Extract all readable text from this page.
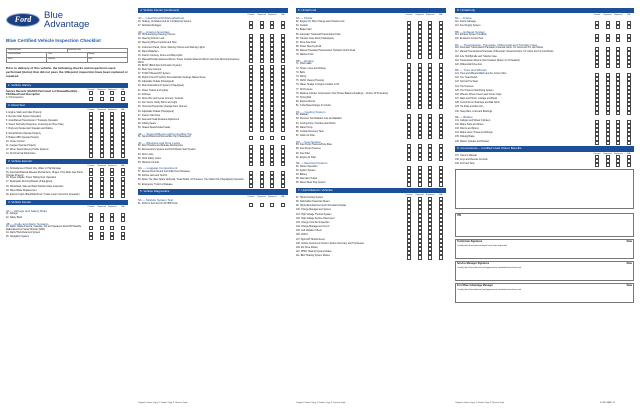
Ford Blue
Advantage
Blue Certified Vehicle Inspection Checklist
Dealership Name	Dealership Code
Year/Make/Model	Color	Mileage
Stock #	Inspector	Date
Prior to delivery of this vehicle, the following checks and inspections were performed (items) that did not pass the 139-point inspection have been replaced or repaired.
1. Vehicle History
Passed	Repaired	Replaced	N/A
Service Records (OA/OO) Performed Lot Review/Recall(s) – FSA/Recall and Description
2. VIN inspection
2. Road Test
Passed	Repaired	Replaced	N/A
3. Engine Starts and Idles Properly
4. Remote Start System Operation
5. Auto/Manual Transmission / Transaxle Operation
6. Steers Normally (Response, Centering and Free Play)
7. Body and Suspension Squeaks and Rattles
8. Struts/Shocks Operate Properly
9. Brakes ABS Operate Properly
10. Cruise Control
11. Gauges Operate Properly
12. Driver Select Memory Profile Systems
13. No Abnormal Wind Noise
3. Vehicle Exterior
Passed	Repaired	Replaced	N/A
14. No Evidence of Flood, Fire, Water or Hail Damage
15. Automatic/Manual Release Mechanisms, Hinges, Prop Rods Gas Struts Operate Properly
16. Power Liftgate, Power Sliding Door Operation
17. Deployable Running Boards (If Equipped)
18. Windshield, Side and Rear Window Glass Inspection
19. Wiper Blade Replacement
20. Exterior Lights (Back/Side/Front / Trailer Lamp Connector Operation)
4. Vehicle Interior
Passed	Repaired	Replaced	N/A
4A — Airbags and Safety Belts
21. Airbags
22. Safety Belts
4B — Audio and Alarm Systems
23. Radio, Radio Antenna, Cassette, CD and Speakers Sirius/XM Satellite Radio Electronic Serial Number (ESN)
24. Alarm/Theft-Deterrent System
25. Navigation System
4. Vehicle Interior (continued)
Passed	Repaired	Replaced	N/A
4C — Heat/Vent/AC/Defog/Defrost
26. Heating, Ventilation and Air Conditioning System
27. Defroster/Defogger
4D — Interior Amenities
28. Tilt/Telescoping Steering Column
29. Steering Column Lock
30. Steering Wheel Controls and Horn
31. Instrument Panel, Clock, Warning Chimes and Warning Lights
32. Wipers/Washers
33. Interior Courtesy, Dome and Map Lights
34. Manual/Outside Sideview Mirrors, Power Outside Sideview Mirrors and Auto-Dimming Rearview Mirror
35. BLIS® (Blind Spot Information System)
36. Rear View Camera
37. SYNC® Bluetooth® System
38. MyFord Touch® Vehicle Personalization Settings Master Reset
39. Adjustable Pedals (If Equipped)
40. Rear Entertainment System (If Equipped)
41. Power Outlets and Lighter
42. Ashtrays
43. Glove Box and Center Armrest / Console
44. Sun Visors, Vanity Mirror and Light
45. Universal Transmitter (Garage Door Opener)
46. Adjustable Pedals (If Equipped)
47. Interior Odor-Free
48. Seat and Head Restraint Adjustment
49. Folding Seats
50. Heated Seats/Cooled Seats
4E — Sunroof/Moonroof/Convertible Top
51. Sunroof/Moonroof/Convertible Top (If Equipped)
4F — Windows and Door Locks
52. Door Handles and Release Mechanisms
53. Remote Entry System and Push-Button Start System
54. Door Locks
55. Child Safety Locks
56. Window Controls
4G — Luggage Compartment
57. Remote Deck lid and Fuel-Filler Door Releases
58. Vehicle Jack and Tool Kit
59. Spare Tire (New Spare Optional), Tread Depth, Air Pressure, Tire Inflator Kit (If Equipped) Inspection
60. Emergency Trunk Lid Release
5. Vehicle Diagnostics
Passed	Repaired	Replaced	N/A
5A — Module System Test
61. Perform Self-Test for All OBD Tests
6. Underhood
Passed	Repaired	Replaced	N/A
6A — Fluids
62. Engine Oil, Filter Change and Chassis Lube
63. Coolant
64. Brake Fluid
65. Automatic Transaxle/Transmission Fluid
66. Transfer Case Fluid (If Equipped)
67. Drive Axle Fluid
68. Power Steering Fluid
69. Manual Transaxle/Transmission Hydraulic Clutch Fluid
70. Washer Fluid
6B — Engine
71. Fluid Leaks
72. Hoses, Lines and Fittings
73. Belts
74. Wiring
75. Oil/Air Cleaner Housing
76. Water, Sludge or Engine Coolant in Oil
77. Oil Pressure
78. Relative Cylinder Compression Test (Power Balance Readings – Choice Of Procedure)
79. Timing Belt
80. Engine Mounts
81. Turbo/Supercharger Air Cooler
6C — Cooling System
82. Radiator
83. Pressure Test Radiator Cap and Radiator
84. Cooling Fans, Clutches and Motors
85. Water Pump
86. Coolant Recovery Tank
87. Cabin Air Filter
6D — Fuel System
88. Fuel Pump Pressure/Flow Rate
89. Fuel Pump Pressure
90. Fuel Filter
91. Engine Air Filter
6E — Electrical System
92. Starter Operation
93. Ignition System
94. Battery
95. Alternator Output
96. Diesel Glow Plug System
7. Hybrid/Electric Vehicles
Passed	Repaired	Replaced	N/A
97. Hybrid Cooling System
98. Switchable Powertrain Mount
99. Hybrid Entertainment and Information Display
100. Charge Management System
101. High-Voltage Thermal System
102. High-Voltage Service Disconnect
103. Charge Cord Set Inspection
104. Charge Management Test 2
105. Cell Variation Check
106. DCDC
107. MyFord® Mobile Reset
108. Vehicle Instrument Cluster Lifetime Summary and Trip Resets
109. EV Drive Modes
110. PHEV Heating System Modes
111. BEV Heating System Modes
8. Underbody
Passed	Repaired	Replaced	N/A
8A — Frame
112. Frame Damage
113. Fuel Supply System
8B — Exhaust System
114. Exhaust System Condition
115. Emissions Control Test
8C — Transmission, Transaxle, Differential and Transfer Case
116. Automatic Transmission/Transaxle Universal Joints, CV Joints and CV Joint Boots
117. Manual Transmission/Transaxle, Differential, Universal Joints, CV Joints and CV Joint Boots
118. Axle Hub/Spindle and Transfer Case
119. Transmission Mounts (Not Cracked, Broken or Oil Soaked)
120. Differential Drive Axle
8D — Tires and Wheels
121. Tires and Wheels Match and Are Correct Size
122. Tire Tread Depth
123. Normal Tire Wear
124. Tire Pressure
125. Tire Pressure Monitoring System
126. Wheels, Wheel Covers and Center Caps
127. Rack and Pinion, Linkage and Boots
128. Control Arms, Bushings and Ball Joints
129. Tie Rods and Idler Arm
130. Sway Bars, Links and Bushings
8E — Brakes
131. Calipers and Wheel Cylinders
132. Brake Pads and Shoes
133. Rotors and Drums
134. Brake Lines, Hoses and Fittings
135. Parking Brake
136. Master Cylinder and Booster
9. Convenience – Certified Used Owner Benefits
Passed	Repaired	Replaced	N/A
137. Owner's Manual
138. Keys and Remote Controls
139. Full Fuel Tank
VIN
Technician Signature	Date
I certify that all mechanical items have been inspected.
Service Manager Signature	Date
I certify that all mechanical and appearance standards have been met.
Ford Blue Advantage Manager	Date
I certify that all mechanical and appearance standards have been met.
Original: Owner Copy 1: Dealer Copy 2: Service Dept.	Original: Owner Copy 1: Dealer Copy 2: Service Dept.	Original: Owner Copy 1: Dealer Copy 2: Service Dept.	FORD BBAP-14
